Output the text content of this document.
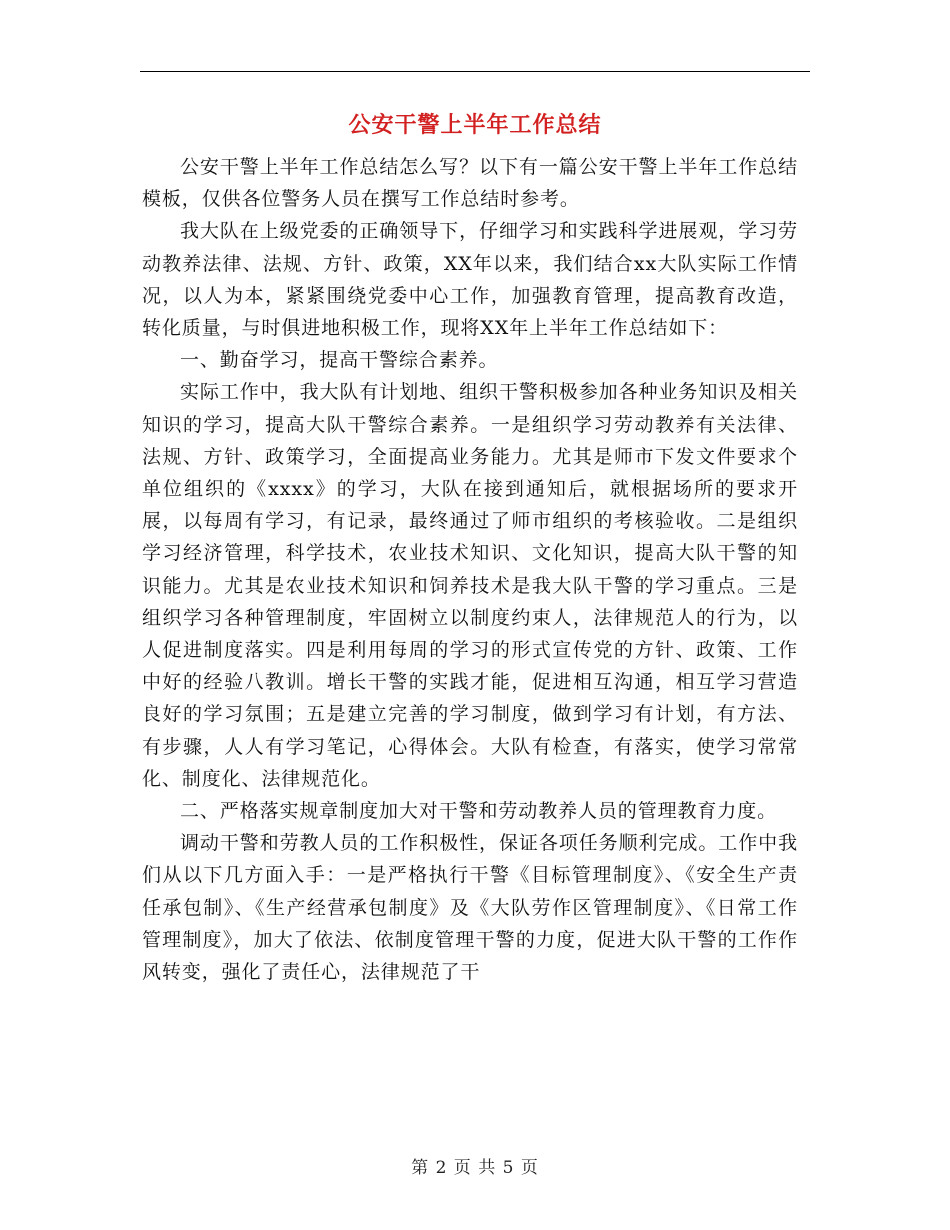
公安干警上半年工作总结

公安干警上半年工作总结怎么写？以下有一篇公安干警上半年工作总结模板，仅供各位警务人员在撰写工作总结时参考。

我大队在上级党委的正确领导下，仔细学习和实践科学进展观，学习劳动教养法律、法规、方针、政策，XX年以来，我们结合xx大队实际工作情况，以人为本，紧紧围绕党委中心工作，加强教育管理，提高教育改造，转化质量，与时俱进地积极工作，现将XX年上半年工作总结如下：

一、勤奋学习，提高干警综合素养。

实际工作中，我大队有计划地、组织干警积极参加各种业务知识及相关知识的学习，提高大队干警综合素养。一是组织学习劳动教养有关法律、法规、方针、政策学习，全面提高业务能力。尤其是师市下发文件要求个单位组织的《xxxx》的学习，大队在接到通知后，就根据场所的要求开展，以每周有学习，有记录，最终通过了师市组织的考核验收。二是组织学习经济管理，科学技术，农业技术知识、文化知识，提高大队干警的知识能力。尤其是农业技术知识和饲养技术是我大队干警的学习重点。三是组织学习各种管理制度，牢固树立以制度约束人，法律规范人的行为，以人促进制度落实。四是利用每周的学习的形式宣传党的方针、政策、工作中好的经验八教训。增长干警的实践才能，促进相互沟通，相互学习营造良好的学习氛围；五是建立完善的学习制度，做到学习有计划，有方法、有步骤，人人有学习笔记，心得体会。大队有检查，有落实，使学习常常化、制度化、法律规范化。

二、严格落实规章制度加大对干警和劳动教养人员的管理教育力度。

调动干警和劳教人员的工作积极性，保证各项任务顺利完成。工作中我们从以下几方面入手：一是严格执行干警《目标管理制度》、《安全生产责任承包制》、《生产经营承包制度》及《大队劳作区管理制度》、《日常工作管理制度》，加大了依法、依制度管理干警的力度，促进大队干警的工作作风转变，强化了责任心，法律规范了干

第 2 页 共 5 页
